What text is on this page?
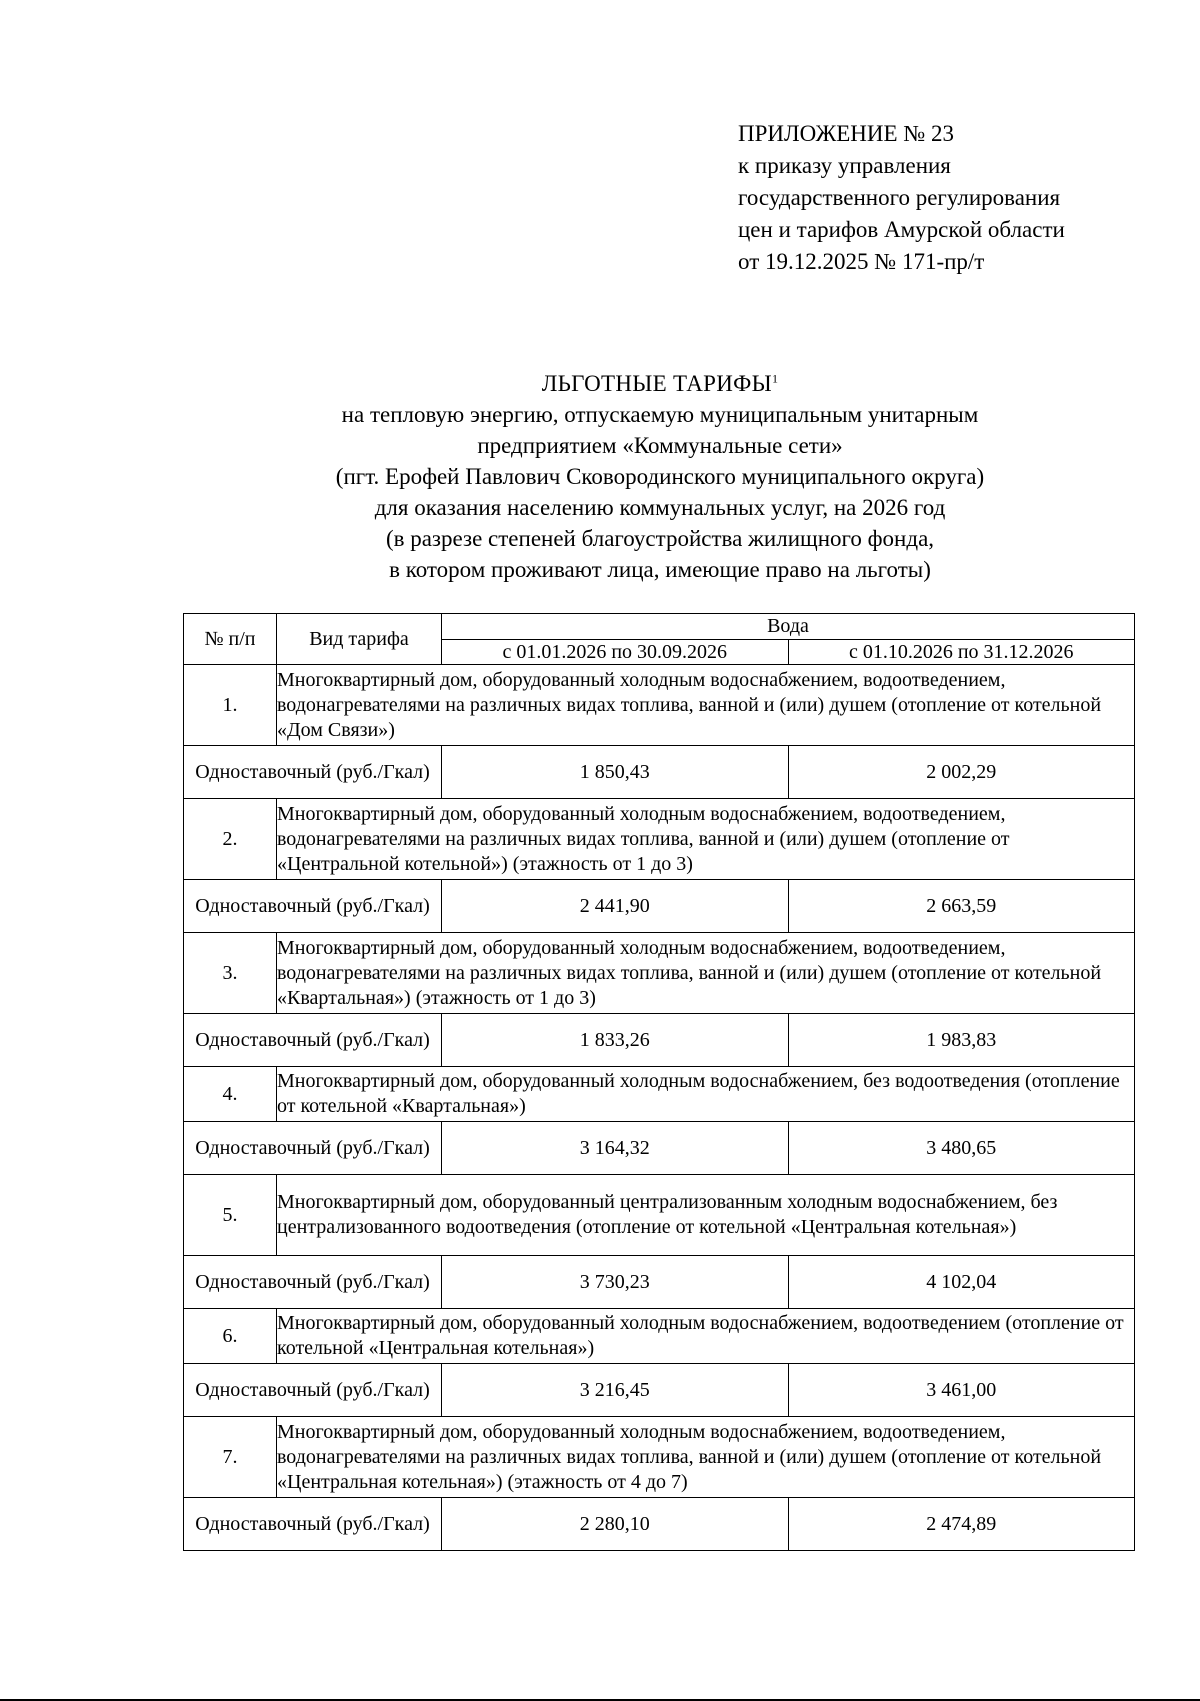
ПРИЛОЖЕНИЕ № 23
к приказу управления
государственного регулирования
цен и тарифов Амурской области
от 19.12.2025 № 171-пр/т
ЛЬГОТНЫЕ ТАРИФЫ$^1$
на тепловую энергию, отпускаемую муниципальным унитарным
предприятием «Коммунальные сети»
(пгт. Ерофей Павлович Сковородинского муниципального округа)
для оказания населению коммунальных услуг, на 2026 год
(в разрезе степеней благоустройства жилищного фонда,
в котором проживают лица, имеющие право на льготы)
№ п/п	Вид тарифа	Вода	
		с 01.01.2026 по 30.09.2026	с 01.10.2026 по 31.12.2026
1.	Многоквартирный дом, оборудованный холодным водоснабжением, водоотведением, водонагревателями на различных видах топлива, ванной и (или) душем (отопление от котельной «Дом Связи»)		
Одноставочный (руб./Гкал)		1 850,43	2 002,29
2.	Многоквартирный дом, оборудованный холодным водоснабжением, водоотведением, водонагревателями на различных видах топлива, ванной и (или) душем (отопление от «Центральной котельной») (этажность от 1 до 3)		
Одноставочный (руб./Гкал)		2 441,90	2 663,59
3.	Многоквартирный дом, оборудованный холодным водоснабжением, водоотведением, водонагревателями на различных видах топлива, ванной и (или) душем (отопление от котельной «Квартальная») (этажность от 1 до 3)		
Одноставочный (руб./Гкал)		1 833,26	1 983,83
4.	Многоквартирный дом, оборудованный холодным водоснабжением, без водоотведения (отопление от котельной «Квартальная»)		
Одноставочный (руб./Гкал)		3 164,32	3 480,65
5.	Многоквартирный дом, оборудованный централизованным холодным водоснабжением, без централизованного водоотведения (отопление от котельной «Центральная котельная»)		
Одноставочный (руб./Гкал)		3 730,23	4 102,04
6.	Многоквартирный дом, оборудованный холодным водоснабжением, водоотведением (отопление от котельной «Центральная котельная»)		
Одноставочный (руб./Гкал)		3 216,45	3 461,00
7.	Многоквартирный дом, оборудованный холодным водоснабжением, водоотведением, водонагревателями на различных видах топлива, ванной и (или) душем (отопление от котельной «Центральная котельная») (этажность от 4 до 7)		
Одноставочный (руб./Гкал)		2 280,10	2 474,89
